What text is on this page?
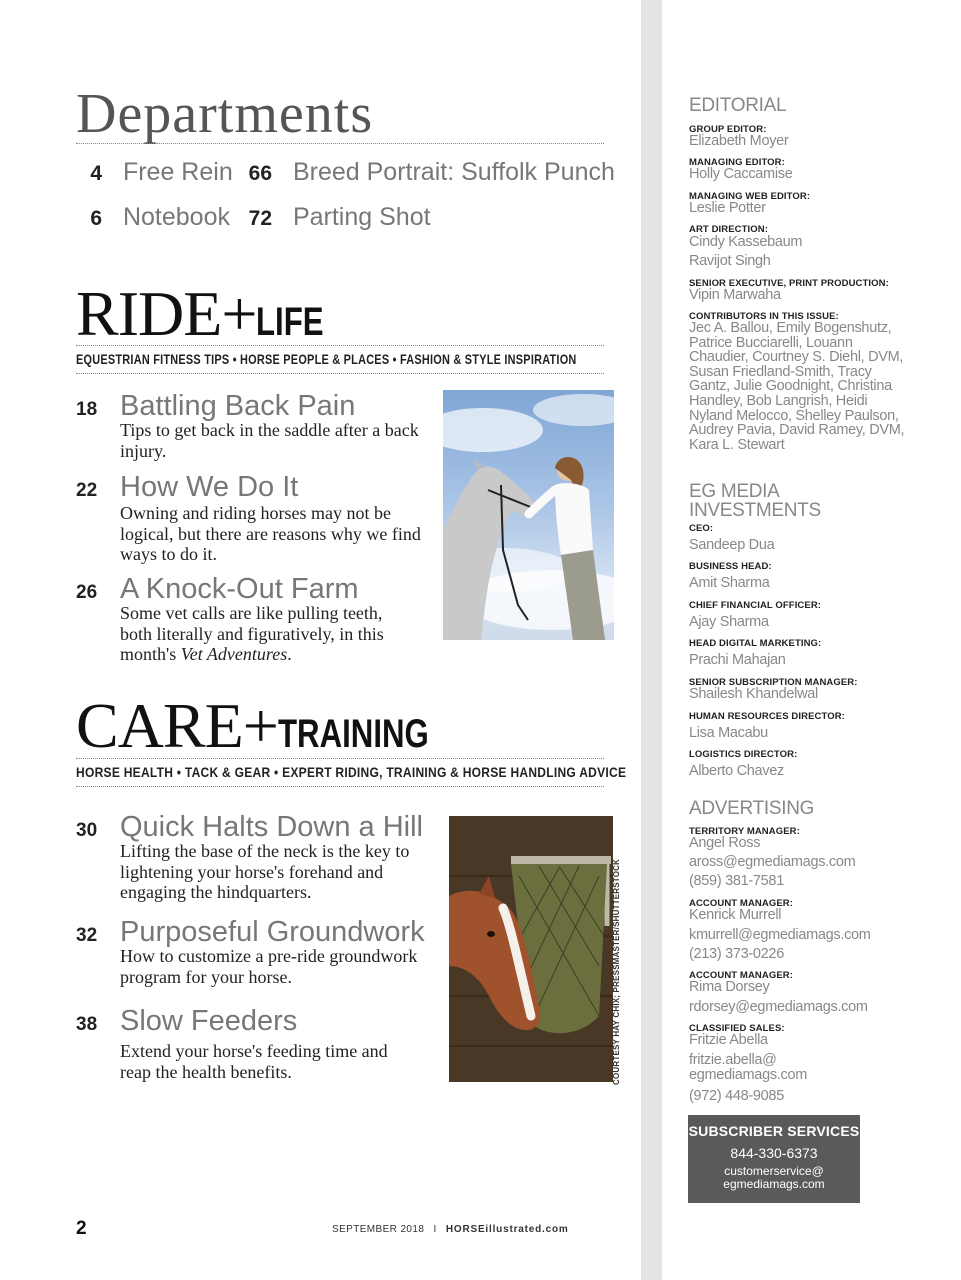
Departments
4 Free Rein 66 Breed Portrait: Suffolk Punch
6 Notebook 72 Parting Shot
RIDE+LIFE
EQUESTRIAN FITNESS TIPS • HORSE PEOPLE & PLACES • FASHION & STYLE INSPIRATION
18 Battling Back Pain
Tips to get back in the saddle after a back injury.
22 How We Do It
Owning and riding horses may not be logical, but there are reasons why we find ways to do it.
26 A Knock-Out Farm
Some vet calls are like pulling teeth, both literally and figuratively, in this month's Vet Adventures.
CARE+TRAINING
HORSE HEALTH • TACK & GEAR • EXPERT RIDING, TRAINING & HORSE HANDLING ADVICE
30 Quick Halts Down a Hill
Lifting the base of the neck is the key to lightening your horse's forehand and engaging the hindquarters.
32 Purposeful Groundwork
How to customize a pre-ride groundwork program for your horse.
38 Slow Feeders
Extend your horse's feeding time and reap the health benefits.	COURTESY HAY CHIX; PRESSMASTER/SHUTTERSTOCK
2	SEPTEMBER 2018 I HORSEillustrated.com
EDITORIAL
GROUP EDITOR:
Elizabeth Moyer
MANAGING EDITOR:
Holly Caccamise
MANAGING WEB EDITOR:
Leslie Potter
ART DIRECTION:
Cindy Kassebaum
Ravijot Singh
SENIOR EXECUTIVE, PRINT PRODUCTION:
Vipin Marwaha
CONTRIBUTORS IN THIS ISSUE:
Jec A. Ballou, Emily Bogenshutz, Patrice Bucciarelli, Louann Chaudier, Courtney S. Diehl, DVM, Susan Friedland-Smith, Tracy Gantz, Julie Goodnight, Christina Handley, Bob Langrish, Heidi Nyland Melocco, Shelley Paulson, Audrey Pavia, David Ramey, DVM, Kara L. Stewart
EG MEDIA
INVESTMENTS
CEO:
Sandeep Dua
BUSINESS HEAD:
Amit Sharma
CHIEF FINANCIAL OFFICER:
Ajay Sharma
HEAD DIGITAL MARKETING:
Prachi Mahajan
SENIOR SUBSCRIPTION MANAGER:
Shailesh Khandelwal
HUMAN RESOURCES DIRECTOR:
Lisa Macabu
LOGISTICS DIRECTOR:
Alberto Chavez
ADVERTISING
TERRITORY MANAGER:
Angel Ross
aross@egmediamags.com
(859) 381-7581
ACCOUNT MANAGER:
Kenrick Murrell
kmurrell@egmediamags.com
(213) 373-0226
ACCOUNT MANAGER:
Rima Dorsey
rdorsey@egmediamags.com
CLASSIFIED SALES:
Fritzie Abella
fritzie.abella@
egmediamags.com
(972) 448-9085
SUBSCRIBER SERVICES
844-330-6373
customerservice@
egmediamags.com
